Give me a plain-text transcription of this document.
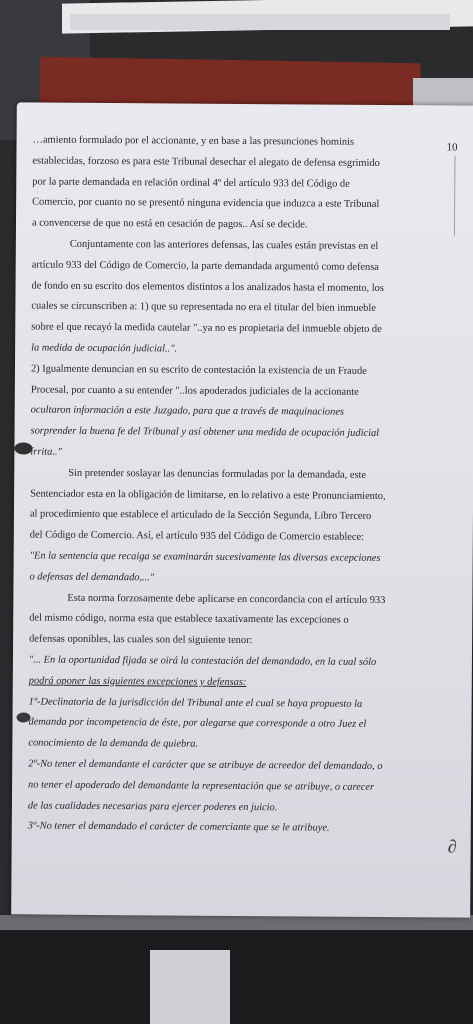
10
∂

…amiento formulado por el accionante, y en base a las presunciones hominis

establecidas, forzoso es para este Tribunal desechar el alegato de defensa esgrimido

por la parte demandada en relación ordinal 4º del artículo 933 del Código de

Comercio, por cuanto no se presentó ninguna evidencia que induzca a este Tribunal

a convencerse de que no está en cesación de pagos.. Así se decide.

Conjuntamente con las anteriores defensas, las cuales están previstas en el

artículo 933 del Código de Comercio, la parte demandada argumentó como defensa

de fondo en su escrito dos elementos distintos a los analizados hasta el momento, los

cuales se circunscriben a: 1) que su representada no era el titular del bien inmueble

sobre el que recayó la medida cautelar "..ya no es propietaria del inmueble objeto de

la medida de ocupación judicial..".

2) Igualmente denuncian en su escrito de contestación la existencia de un Fraude

Procesal, por cuanto a su entender "..los apoderados judiciales de la accionante

ocultaron información a este Juzgado, para que a través de maquinaciones

sorprender la buena fe del Tribunal y así obtener una medida de ocupación judicial

írrita.."

Sin pretender soslayar las denuncias formuladas por la demandada, este

Sentenciador esta en la obligación de limitarse, en lo relativo a este Pronunciamiento,

al procedimiento que establece el articulado de la Sección Segunda, Libro Tercero

del Código de Comercio. Así, el artículo 935 del Código de Comercio establece:

"En la sentencia que recaiga se examinarán sucesivamente las diversas excepciones

o defensas del demandado,..."

Esta norma forzosamente debe aplicarse en concordancia con el artículo 933

del mismo código, norma esta que establece taxativamente las excepciones o

defensas oponibles, las cuales son del siguiente tenor:

"... En la oportunidad fijada se oirá la contestación del demandado, en la cual sólo

podrá oponer las siguientes excepciones y defensas:

1º-Declinatoria de la jurisdicción del Tribunal ante el cual se haya propuesto la

demanda por incompetencia de éste, por alegarse que corresponde a otro Juez el

conocimiento de la demanda de quiebra.

2º-No tener el demandante el carácter que se atribuye de acreedor del demandado, o

no tener el apoderado del demandante la representación que se atribuye, o carecer

de las cualidades necesarias para ejercer poderes en juicio.

3º-No tener el demandado el carácter de comerciante que se le atribuye.
